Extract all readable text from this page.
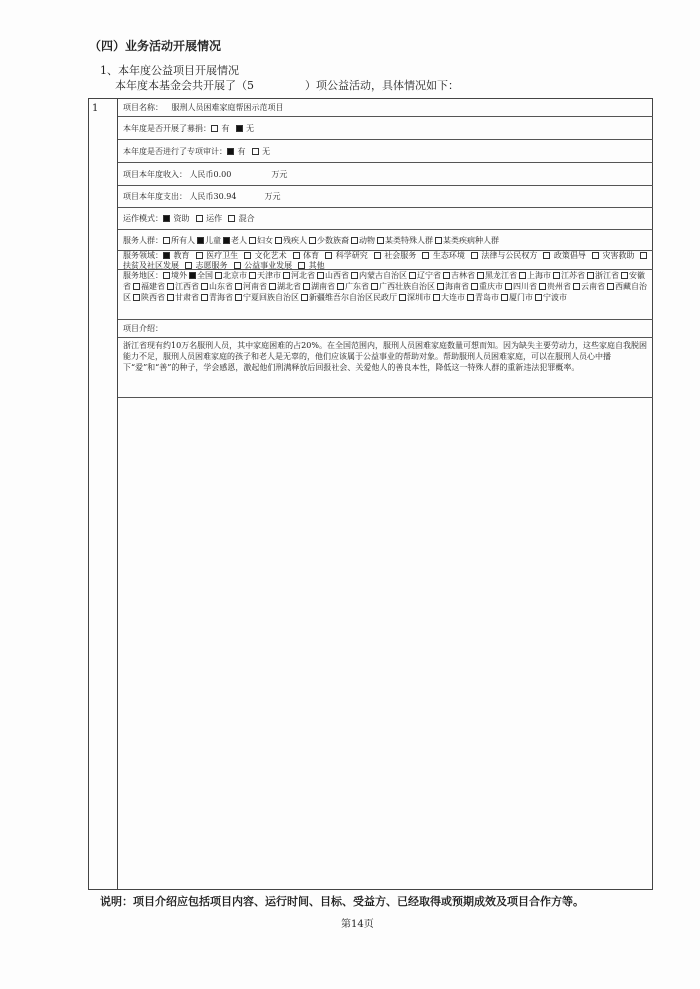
（四）业务活动开展情况
1、本年度公益项目开展情况
本年度本基金会共开展了（5	）项公益活动，具体情况如下：
1	项目名称： 服刑人员困难家庭帮困示范项目
本年度是否开展了募捐： 有 无
本年度是否进行了专项审计： 有 无
项目本年度收入： 人民币0.00	万元
项目本年度支出： 人民币30.94	万元
运作模式： 资助 运作 混合
服务人群： 所有人 儿童 老人 妇女 残疾人 少数族裔 动物 某类特殊人群 某类疾病种人群
服务领域： 教育 医疗卫生 文化艺术 体育 科学研究 社会服务 生态环境 法律与公民权方 政策倡导 灾害救助 扶贫及社区发展 志愿服务 公益事业发展 其他
服务地区： 境外 全国 北京市 天津市 河北省 山西省 内蒙古自治区 辽宁省 吉林省 黑龙江省 上海市 江苏省 浙江省 安徽省 福建省 江西省 山东省 河南省 湖北省 湖南省 广东省 广西壮族自治区 海南省 重庆市 四川省 贵州省 云南省 西藏自治区 陕西省 甘肃省 青海省 宁夏回族自治区 新疆维吾尔自治区民政厅 深圳市 大连市 青岛市 厦门市 宁波市
项目介绍：
浙江省现有约10万名服刑人员，其中家庭困难的占20%。在全国范围内，服刑人员困难家庭数量可想而知。因为缺失主要劳动力，这些家庭自我脱困能力不足，服刑人员困难家庭的孩子和老人是无辜的，他们应该属于公益事业的帮助对象。帮助服刑人员困难家庭，可以在服刑人员心中播下“爱”和“善”的种子，学会感恩，激起他们刑满释放后回报社会、关爱他人的善良本性，降低这一特殊人群的重新违法犯罪概率。
说明：项目介绍应包括项目内容、运行时间、目标、受益方、已经取得或预期成效及项目合作方等。
第14页
